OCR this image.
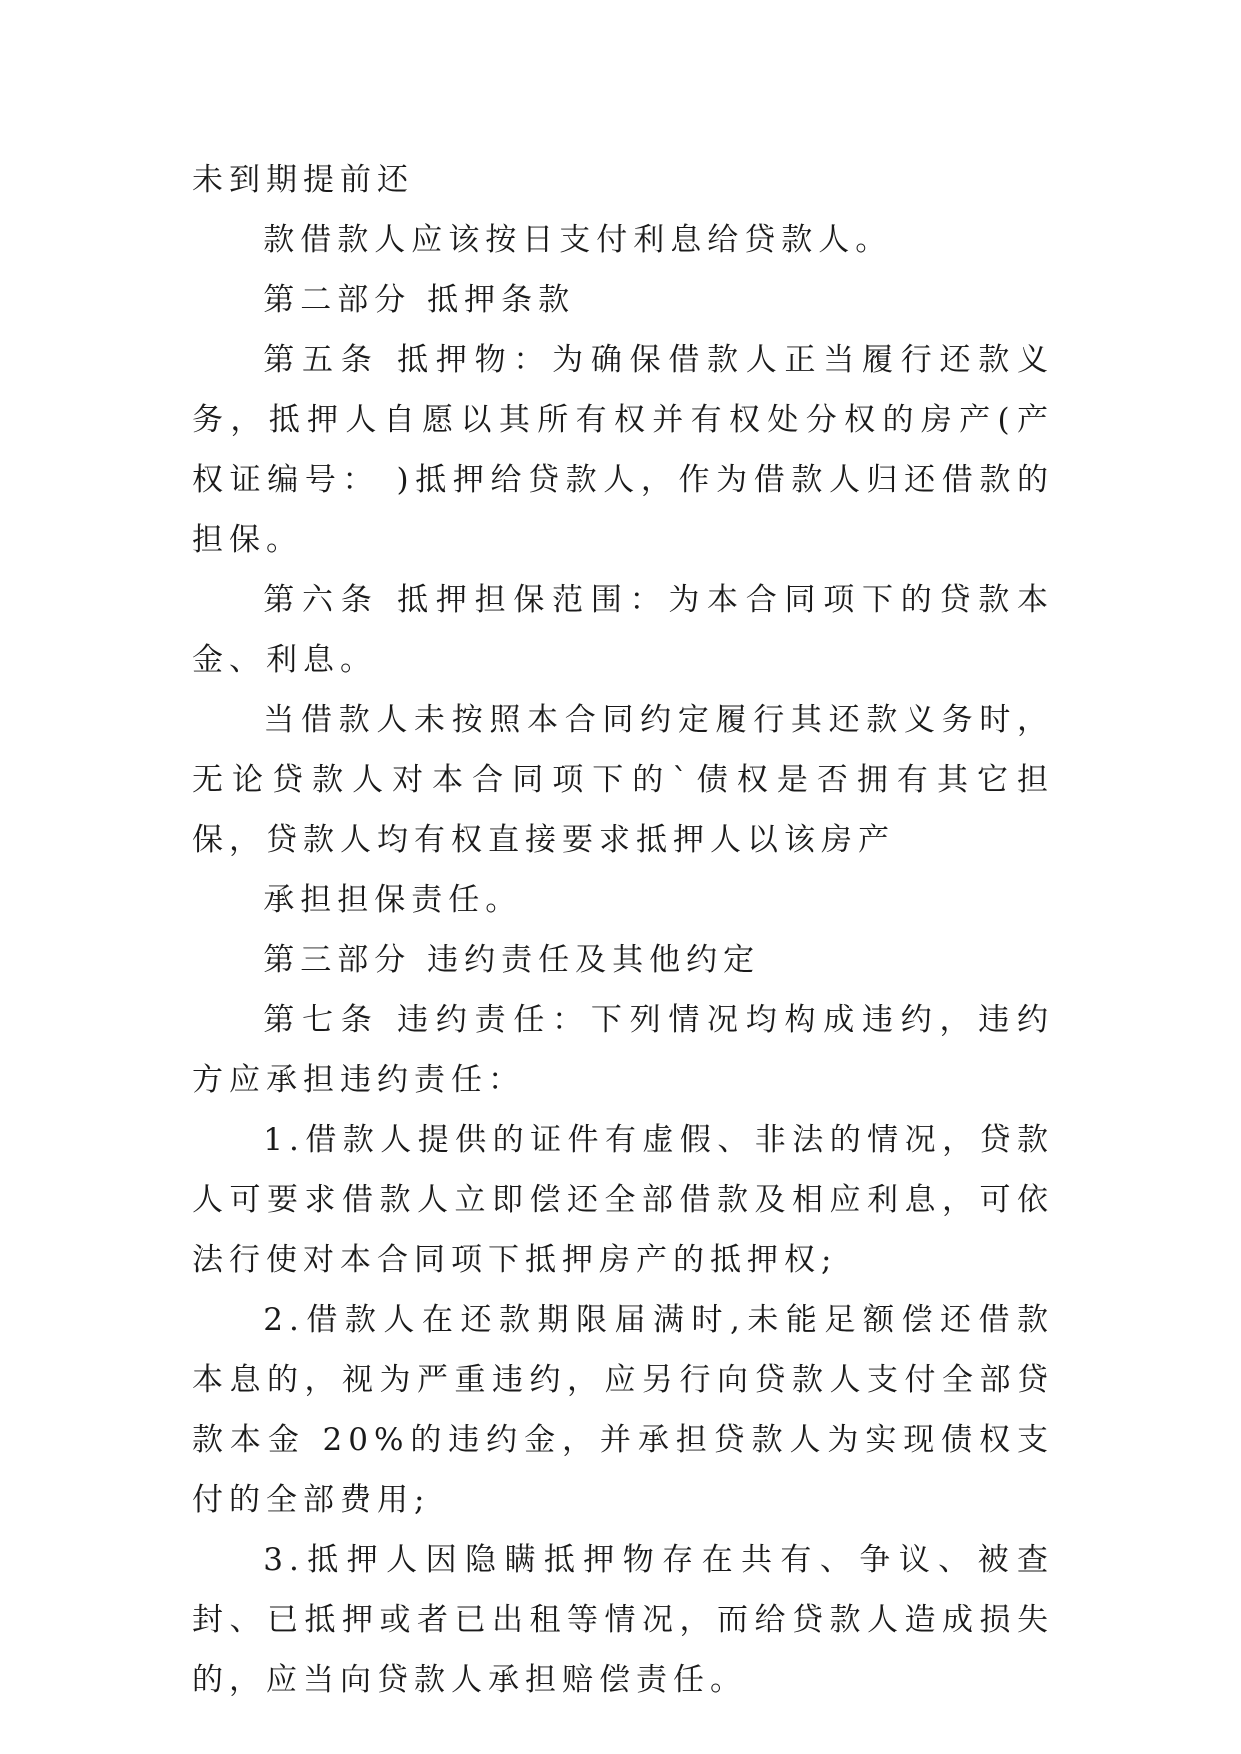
未到期提前还

款借款人应该按日支付利息给贷款人。

第二部分 抵押条款

第五条 抵押物：为确保借款人正当履行还款义务，抵押人自愿以其所有权并有权处分权的房产(产权证编号： )抵押给贷款人，作为借款人归还借款的担保。

第六条 抵押担保范围：为本合同项下的贷款本金、利息。

当借款人未按照本合同约定履行其还款义务时，无论贷款人对本合同项下的`债权是否拥有其它担保，贷款人均有权直接要求抵押人以该房产

承担担保责任。

第三部分 违约责任及其他约定

第七条 违约责任：下列情况均构成违约，违约方应承担违约责任：

1.借款人提供的证件有虚假、非法的情况，贷款人可要求借款人立即偿还全部借款及相应利息，可依法行使对本合同项下抵押房产的抵押权;

2.借款人在还款期限届满时,未能足额偿还借款本息的，视为严重违约，应另行向贷款人支付全部贷款本金 20%的违约金，并承担贷款人为实现债权支付的全部费用;

3.抵押人因隐瞒抵押物存在共有、争议、被查封、已抵押或者已出租等情况，而给贷款人造成损失的，应当向贷款人承担赔偿责任。
